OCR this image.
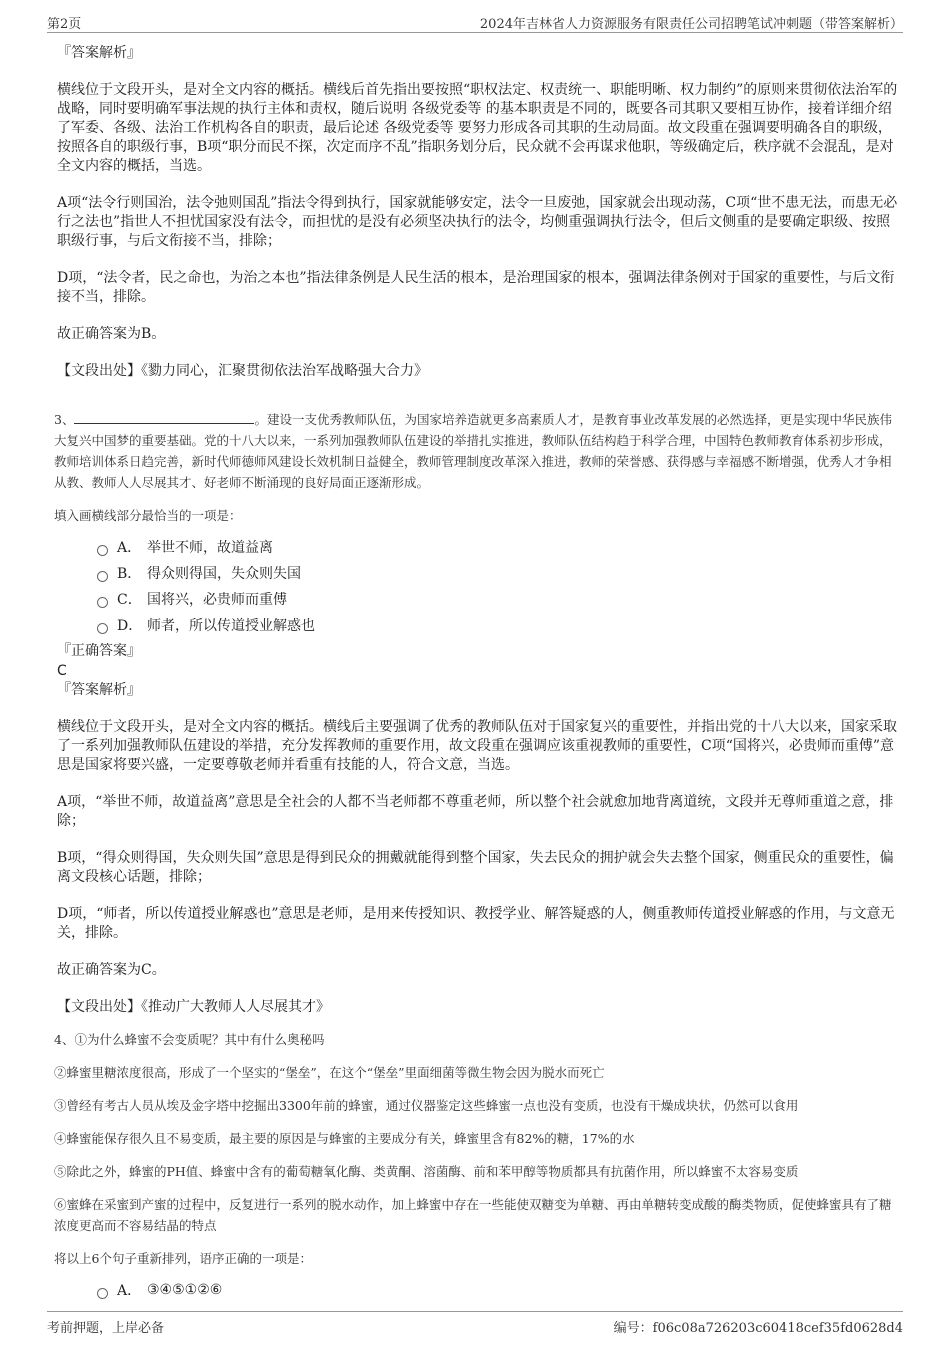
第2页	2024年吉林省人力资源服务有限责任公司招聘笔试冲刺题（带答案解析）
『答案解析』
横线位于文段开头，是对全文内容的概括。横线后首先指出要按照“职权法定、权责统一、职能明晰、权力制约”的原则来贯彻依法治军的战略，同时要明确军事法规的执行主体和责权，随后说明 各级党委等 的基本职责是不同的，既要各司其职又要相互协作，接着详细介绍了军委、各级、法治工作机构各自的职责，最后论述 各级党委等 要努力形成各司其职的生动局面。故文段重在强调要明确各自的职级，按照各自的职级行事，B项“职分而民不探，次定而序不乱”指职务划分后，民众就不会再谋求他职，等级确定后，秩序就不会混乱，是对全文内容的概括，当选。
A项“法令行则国治，法令弛则国乱”指法令得到执行，国家就能够安定，法令一旦废弛，国家就会出现动荡，C项“世不患无法，而患无必行之法也”指世人不担忧国家没有法令，而担忧的是没有必须坚决执行的法令，均侧重强调执行法令，但后文侧重的是要确定职级、按照职级行事，与后文衔接不当，排除；
D项，“法令者，民之命也，为治之本也”指法律条例是人民生活的根本，是治理国家的根本，强调法律条例对于国家的重要性，与后文衔接不当，排除。
故正确答案为B。
【文段出处】《勠力同心，汇聚贯彻依法治军战略强大合力》
3、	。建设一支优秀教师队伍，为国家培养造就更多高素质人才，是教育事业改革发展的必然选择，更是实现中华民族伟大复兴中国梦的重要基础。党的十八大以来，一系列加强教师队伍建设的举措扎实推进，教师队伍结构趋于科学合理，中国特色教师教育体系初步形成，教师培训体系日趋完善，新时代师德师风建设长效机制日益健全，教师管理制度改革深入推进，教师的荣誉感、获得感与幸福感不断增强，优秀人才争相从教、教师人人尽展其才、好老师不断涌现的良好局面正逐渐形成。
填入画横线部分最恰当的一项是：
A． 举世不师，故道益离
B． 得众则得国，失众则失国
C． 国将兴，必贵师而重傅
D． 师者，所以传道授业解惑也
『正确答案』
C
『答案解析』
横线位于文段开头，是对全文内容的概括。横线后主要强调了优秀的教师队伍对于国家复兴的重要性，并指出党的十八大以来，国家采取了一系列加强教师队伍建设的举措，充分发挥教师的重要作用，故文段重在强调应该重视教师的重要性，C项“国将兴，必贵师而重傅”意思是国家将要兴盛，一定要尊敬老师并看重有技能的人，符合文意，当选。
A项，“举世不师，故道益离”意思是全社会的人都不当老师都不尊重老师，所以整个社会就愈加地背离道统，文段并无尊师重道之意，排除；
B项，“得众则得国，失众则失国”意思是得到民众的拥戴就能得到整个国家，失去民众的拥护就会失去整个国家，侧重民众的重要性，偏离文段核心话题，排除；
D项，“师者，所以传道授业解惑也”意思是老师，是用来传授知识、教授学业、解答疑惑的人，侧重教师传道授业解惑的作用，与文意无关，排除。
故正确答案为C。
【文段出处】《推动广大教师人人尽展其才》
4、①为什么蜂蜜不会变质呢？其中有什么奥秘吗
②蜂蜜里糖浓度很高，形成了一个坚实的“堡垒”，在这个“堡垒”里面细菌等微生物会因为脱水而死亡
③曾经有考古人员从埃及金字塔中挖掘出3300年前的蜂蜜，通过仪器鉴定这些蜂蜜一点也没有变质，也没有干燥成块状，仍然可以食用
④蜂蜜能保存很久且不易变质，最主要的原因是与蜂蜜的主要成分有关，蜂蜜里含有82%的糖，17%的水
⑤除此之外，蜂蜜的PH值、蜂蜜中含有的葡萄糖氧化酶、类黄酮、溶菌酶、前和苯甲醇等物质都具有抗菌作用，所以蜂蜜不太容易变质
⑥蜜蜂在采蜜到产蜜的过程中，反复进行一系列的脱水动作，加上蜂蜜中存在一些能使双糖变为单糖、再由单糖转变成酸的酶类物质，促使蜂蜜具有了糖浓度更高而不容易结晶的特点
将以上6个句子重新排列，语序正确的一项是：
A． ③④⑤①②⑥
考前押题，上岸必备	编号：f06c08a726203c60418cef35fd0628d4
